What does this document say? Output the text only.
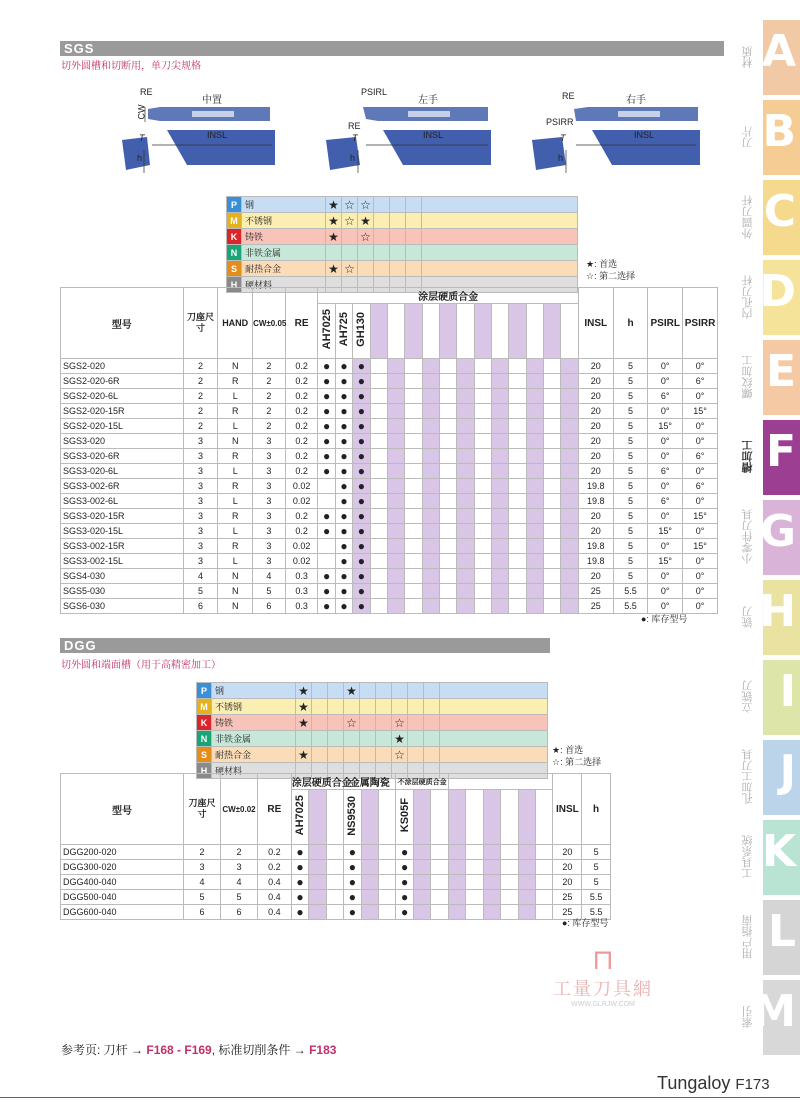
SGS
切外圆槽和切断用，单刀尖规格
RE
中置
CW
INSL
T
h
PSIRL
左手
RE
INSL
T
h
RE	右手
PSIRR
INSL
T
h
P	钢	★	☆	☆				
M	不锈钢	★	☆	★				
K	铸铁	★		☆				
N	非铁金属							
S	耐热合金	★	☆					
H	硬材料							
★: 首选
☆: 第二选择
型号	刀座尺寸	HAND	CW±0.05	RE	涂层硬质合金															INSL	h	PSIRL	PSIRR
					AH7025	AH725	GH130																
SGS2-020	2	N	2	0.2	●	●	●													20	5	0°	0°
SGS2-020-6R	2	R	2	0.2	●	●	●													20	5	0°	6°
SGS2-020-6L	2	L	2	0.2	●	●	●													20	5	6°	0°
SGS2-020-15R	2	R	2	0.2	●	●	●													20	5	0°	15°
SGS2-020-15L	2	L	2	0.2	●	●	●													20	5	15°	0°
SGS3-020	3	N	3	0.2	●	●	●													20	5	0°	0°
SGS3-020-6R	3	R	3	0.2	●	●	●													20	5	0°	6°
SGS3-020-6L	3	L	3	0.2	●	●	●													20	5	6°	0°
SGS3-002-6R	3	R	3	0.02		●	●													19.8	5	0°	6°
SGS3-002-6L	3	L	3	0.02		●	●													19.8	5	6°	0°
SGS3-020-15R	3	R	3	0.2	●	●	●													20	5	0°	15°
SGS3-020-15L	3	L	3	0.2	●	●	●													20	5	15°	0°
SGS3-002-15R	3	R	3	0.02		●	●													19.8	5	0°	15°
SGS3-002-15L	3	L	3	0.02		●	●													19.8	5	15°	0°
SGS4-030	4	N	4	0.3	●	●	●													20	5	0°	0°
SGS5-030	5	N	5	0.3	●	●	●													25	5.5	0°	0°
SGS6-030	6	N	6	0.3	●	●	●													25	5.5	0°	0°
●: 库存型号
DGG
切外圆和端面槽（用于高精密加工）
P	钢	★			★						
M	不锈钢	★									
K	铸铁	★			☆			☆			
N	非铁金属							★			
S	耐热合金	★						☆			
H	硬材料										
★: 首选
☆: 第二选择
型号	刀座尺寸	CW±0.02	RE	涂层硬质合金			金属陶瓷			不涂层硬质合金									INSL	h
				AH7025			NS9530			KS05F										
DGG200-020	2	2	0.2	●			●			●									20	5
DGG300-020	3	3	0.2	●			●			●									20	5
DGG400-040	4	4	0.4	●			●			●									20	5
DGG500-040	5	5	0.4	●			●			●									25	5.5
DGG600-040	6	6	0.4	●			●			●									25	5.5
●: 库存型号
⊓
工量刀具網
WWW.GLRJW.COM
材质 A
刀片 B
外圆刀杆 C
内孔刀杆 D
螺纹加工 E
槽加工 F
小零件刀具 G
铣刀 H
立铣刀 I
孔加工刀具 J
工具系统 K
用户指南 L
索引
M
参考页: 刀杆 → F168 - F169, 标准切削条件 → F183
Tungaloy F173
